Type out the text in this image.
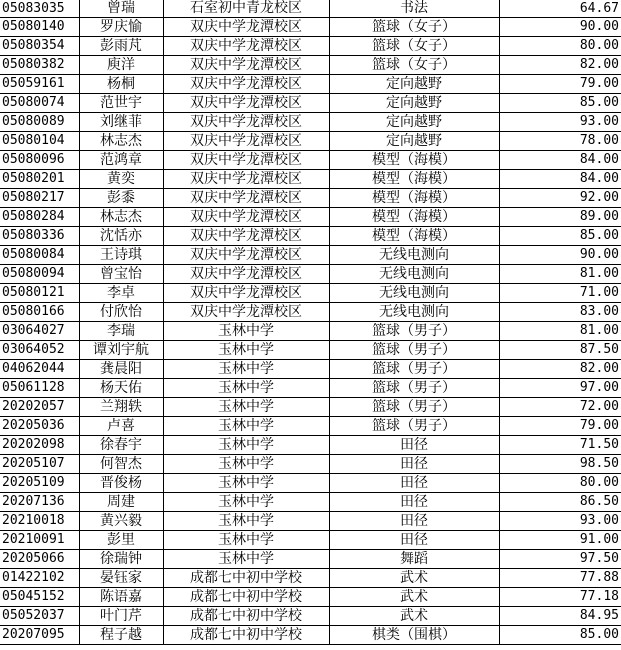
05083035	曾瑞	石室初中青龙校区	书法	64.67
05080140	罗庆愉	双庆中学龙潭校区	篮球（女子）	90.00
05080354	彭雨芃	双庆中学龙潭校区	篮球（女子）	80.00
05080382	庾洋	双庆中学龙潭校区	篮球（女子）	82.00
05059161	杨桐	双庆中学龙潭校区	定向越野	79.00
05080074	范世宇	双庆中学龙潭校区	定向越野	85.00
05080089	刘继菲	双庆中学龙潭校区	定向越野	93.00
05080104	林志杰	双庆中学龙潭校区	定向越野	78.00
05080096	范鸿章	双庆中学龙潭校区	模型（海模）	84.00
05080201	黄奕	双庆中学龙潭校区	模型（海模）	84.00
05080217	彭黍	双庆中学龙潭校区	模型（海模）	92.00
05080284	林志杰	双庆中学龙潭校区	模型（海模）	89.00
05080336	沈恬亦	双庆中学龙潭校区	模型（海模）	85.00
05080084	王诗琪	双庆中学龙潭校区	无线电测向	90.00
05080094	曾宝怡	双庆中学龙潭校区	无线电测向	81.00
05080121	李卓	双庆中学龙潭校区	无线电测向	71.00
05080166	付欣怡	双庆中学龙潭校区	无线电测向	83.00
03064027	李瑞	玉林中学	篮球（男子）	81.00
03064052	谭刘宇航	玉林中学	篮球（男子）	87.50
04062044	龚晨阳	玉林中学	篮球（男子）	82.00
05061128	杨天佑	玉林中学	篮球（男子）	97.00
20202057	兰翔轶	玉林中学	篮球（男子）	72.00
20205036	卢喜	玉林中学	篮球（男子）	79.00
20202098	徐春宇	玉林中学	田径	71.50
20205107	何智杰	玉林中学	田径	98.50
20205109	晋俊杨	玉林中学	田径	80.00
20207136	周建	玉林中学	田径	86.50
20210018	黄兴毅	玉林中学	田径	93.00
20210091	彭里	玉林中学	田径	91.00
20205066	徐瑞钟	玉林中学	舞蹈	97.50
01422102	晏钰家	成都七中初中学校	武术	77.88
05045152	陈语嘉	成都七中初中学校	武术	77.18
05052037	叶门芹	成都七中初中学校	武术	84.95
20207095	程子越	成都七中初中学校	棋类（围棋）	85.00
